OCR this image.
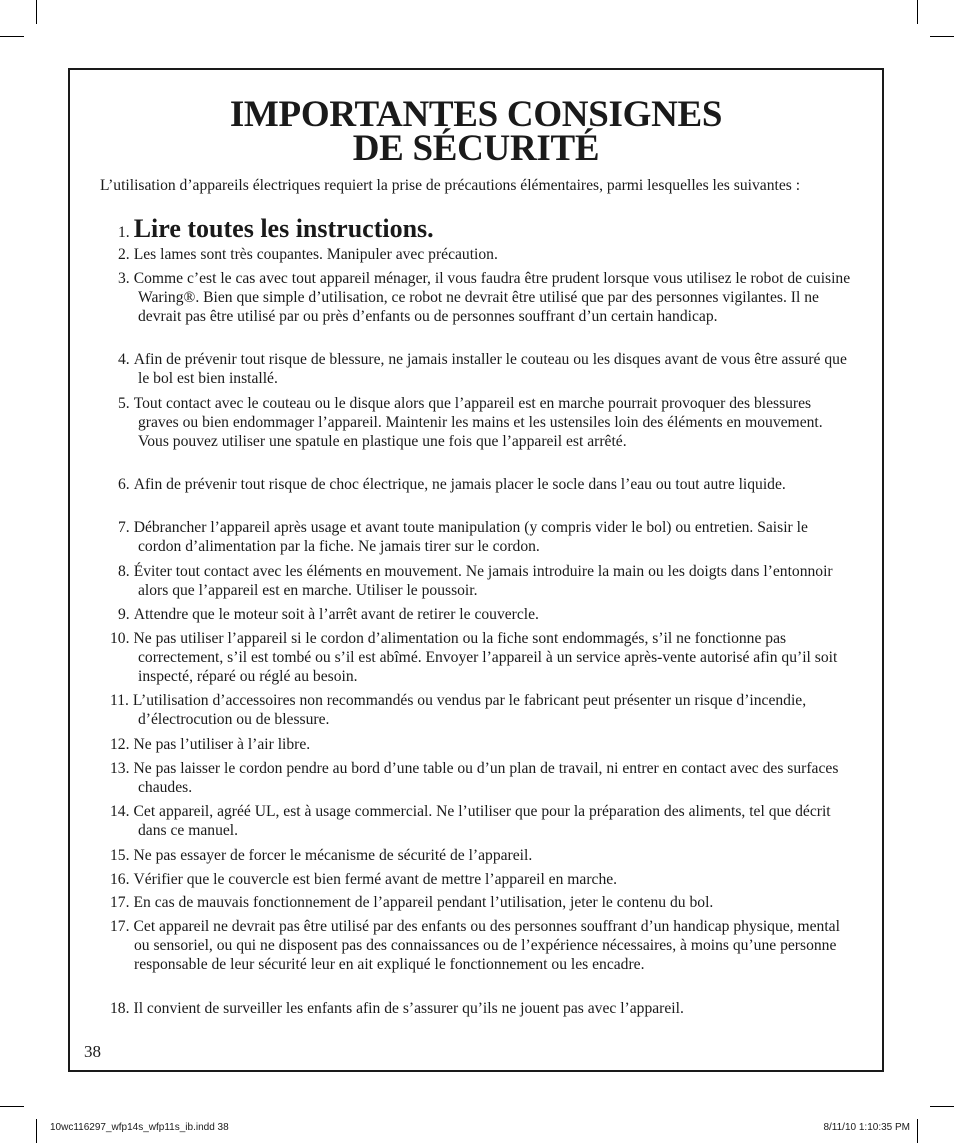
IMPORTANTES CONSIGNES
DE SÉCURITÉ

L’utilisation d’appareils électriques requiert la prise de précautions élémentaires, parmi lesquelles les suivantes :

1. Lire toutes les instructions.

2. Les lames sont très coupantes. Manipuler avec précaution.

3. Comme c’est le cas avec tout appareil ménager, il vous faudra être prudent lorsque vous utilisez le robot de cuisine Waring®. Bien que simple d’utilisation, ce robot ne devrait être utilisé que par des personnes vigilantes. Il ne devrait pas être utilisé par ou près d’enfants ou de personnes souffrant d’un certain handicap.

4. Afin de prévenir tout risque de blessure, ne jamais installer le couteau ou les disques avant de vous être assuré que le bol est bien installé.

5. Tout contact avec le couteau ou le disque alors que l’appareil est en marche pourrait provoquer des blessures graves ou bien endommager l’appareil. Maintenir les mains et les ustensiles loin des éléments en mouvement. Vous pouvez utiliser une spatule en plastique une fois que l’appareil est arrêté.

6. Afin de prévenir tout risque de choc électrique, ne jamais placer le socle dans l’eau ou tout autre liquide.

7. Débrancher l’appareil après usage et avant toute manipulation (y compris vider le bol) ou entretien. Saisir le cordon d’alimentation par la fiche. Ne jamais tirer sur le cordon.

8. Éviter tout contact avec les éléments en mouvement. Ne jamais introduire la main ou les doigts dans l’entonnoir alors que l’appareil est en marche. Utiliser le poussoir.

9. Attendre que le moteur soit à l’arrêt avant de retirer le couvercle.

10. Ne pas utiliser l’appareil si le cordon d’alimentation ou la fiche sont endommagés, s’il ne fonctionne pas correctement, s’il est tombé ou s’il est abîmé. Envoyer l’appareil à un service après-vente autorisé afin qu’il soit inspecté, réparé ou réglé au besoin.

11. L’utilisation d’accessoires non recommandés ou vendus par le fabricant peut présenter un risque d’incendie, d’électrocution ou de blessure.

12. Ne pas l’utiliser à l’air libre.

13. Ne pas laisser le cordon pendre au bord d’une table ou d’un plan de travail, ni entrer en contact avec des surfaces chaudes.

14. Cet appareil, agréé UL, est à usage commercial. Ne l’utiliser que pour la préparation des aliments, tel que décrit dans ce manuel.

15. Ne pas essayer de forcer le mécanisme de sécurité de l’appareil.

16. Vérifier que le couvercle est bien fermé avant de mettre l’appareil en marche.

17. En cas de mauvais fonctionnement de l’appareil pendant l’utilisation, jeter le contenu du bol.

17. Cet appareil ne devrait pas être utilisé par des enfants ou des personnes souffrant d’un handicap physique, mental ou sensoriel, ou qui ne disposent pas des connaissances ou de l’expérience nécessaires, à moins qu’une personne responsable de leur sécurité leur en ait expliqué le fonctionnement ou les encadre.

18. Il convient de surveiller les enfants afin de s’assurer qu’ils ne jouent pas avec l’appareil.

38

10wc116297_wfp14s_wfp11s_ib.indd 38	8/11/10 1:10:35 PM
